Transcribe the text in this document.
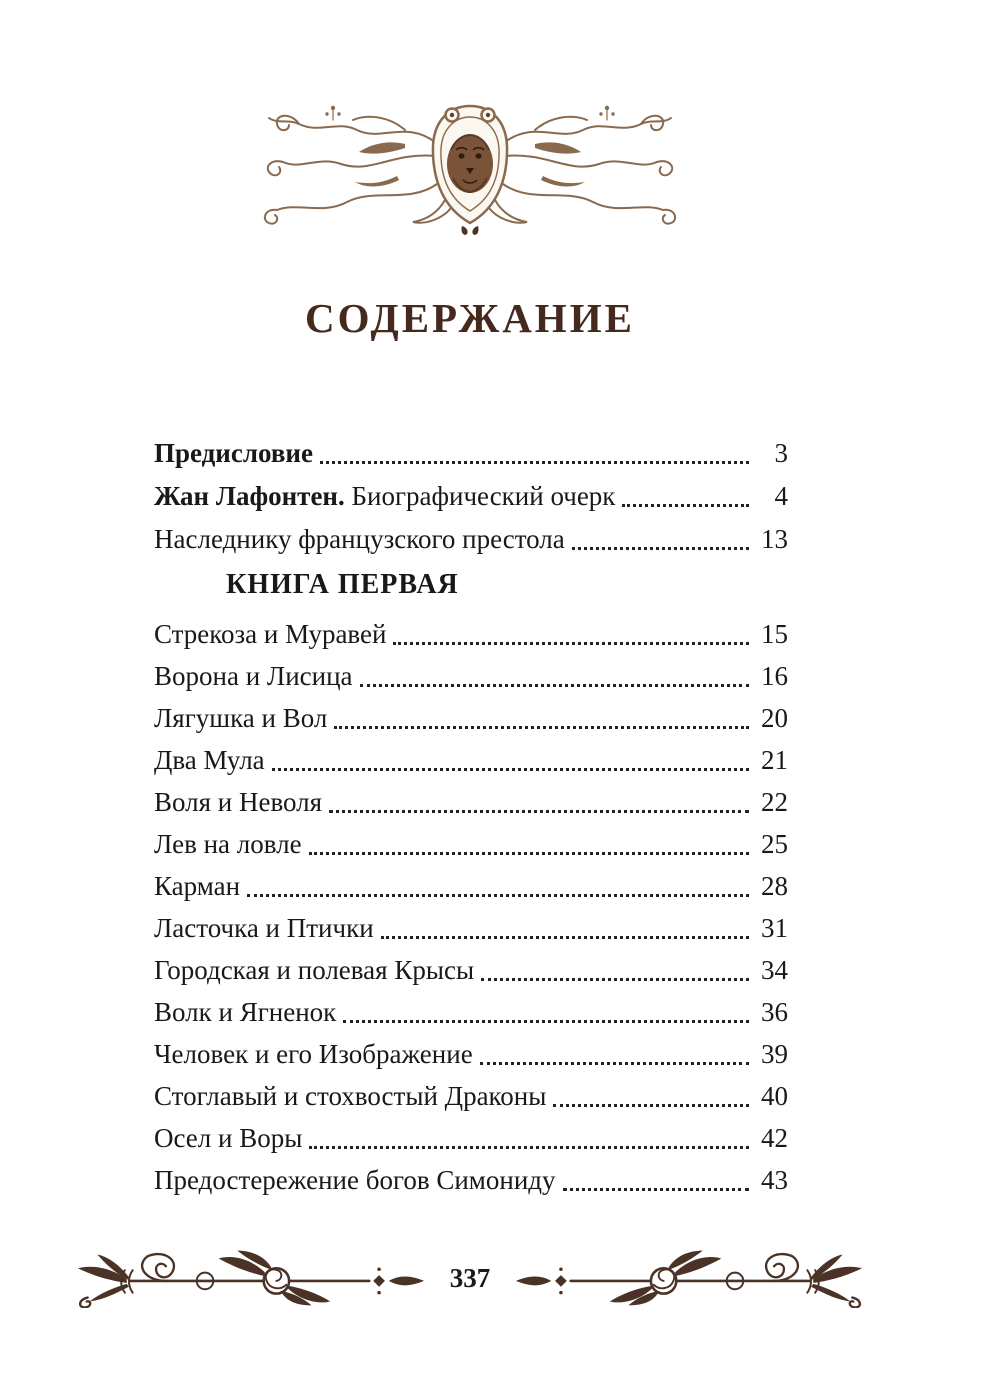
СОДЕРЖАНИЕ
Предисловие	3
Жан Лафонтен. Биографический очерк	4
Наследнику французского престола	13
КНИГА ПЕРВАЯ
Стрекоза и Муравей	15
Ворона и Лисица	16
Лягушка и Вол	20
Два Мула	21
Воля и Неволя	22
Лев на ловле	25
Карман	28
Ласточка и Птички	31
Городская и полевая Крысы	34
Волк и Ягненок	36
Человек и его Изображение	39
Стоглавый и стохвостый Драконы	40
Осел и Воры	42
Предостережение богов Симониду	43
337
